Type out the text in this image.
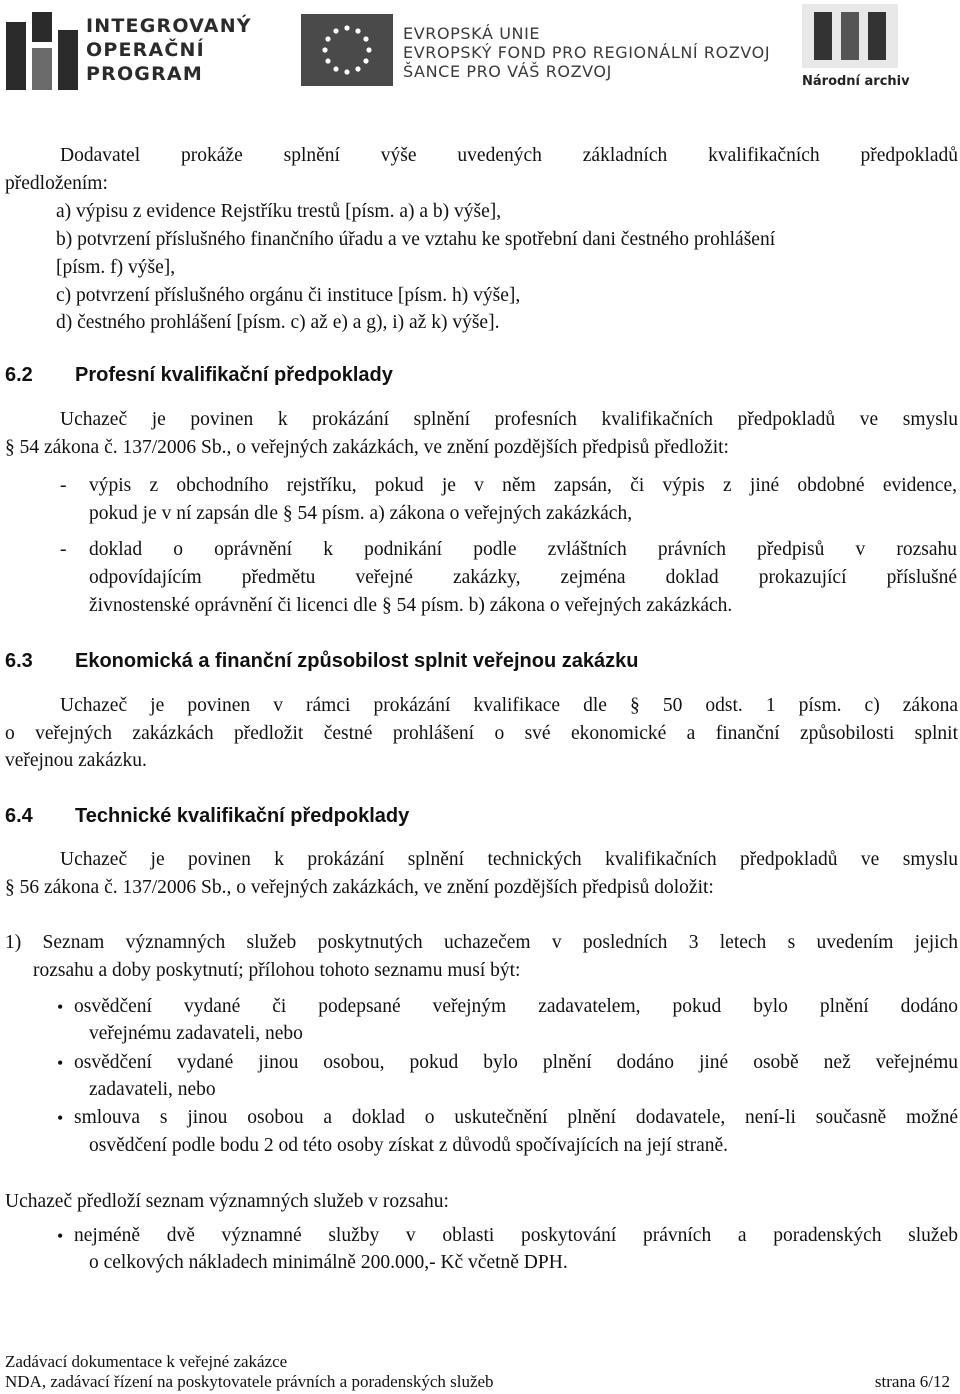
INTEGROVANÝ
OPERAČNÍ
PROGRAM
EVROPSKÁ UNIE
EVROPSKÝ FOND PRO REGIONÁLNÍ ROZVOJ
ŠANCE PRO VÁŠ ROZVOJ
Národní archiv
Dodavatel prokáže splnění výše uvedených základních kvalifikačních předpokladů
předložením:
a) výpisu z evidence Rejstříku trestů [písm. a) a b) výše],
b) potvrzení příslušného finančního úřadu a ve vztahu ke spotřební dani čestného prohlášení
[písm. f) výše],
c) potvrzení příslušného orgánu či instituce [písm. h) výše],
d) čestného prohlášení [písm. c) až e) a g), i) až k) výše].
6.2 Profesní kvalifikační předpoklady
Uchazeč je povinen k prokázání splnění profesních kvalifikačních předpokladů ve smyslu
§ 54 zákona č. 137/2006 Sb., o veřejných zakázkách, ve znění pozdějších předpisů předložit:
- výpis z obchodního rejstříku, pokud je v něm zapsán, či výpis z jiné obdobné evidence,
pokud je v ní zapsán dle § 54 písm. a) zákona o veřejných zakázkách,
- doklad o oprávnění k podnikání podle zvláštních právních předpisů v rozsahu
odpovídajícím předmětu veřejné zakázky, zejména doklad prokazující příslušné
živnostenské oprávnění či licenci dle § 54 písm. b) zákona o veřejných zakázkách.
6.3 Ekonomická a finanční způsobilost splnit veřejnou zakázku
Uchazeč je povinen v rámci prokázání kvalifikace dle § 50 odst. 1 písm. c) zákona
o veřejných zakázkách předložit čestné prohlášení o své ekonomické a finanční způsobilosti splnit
veřejnou zakázku.
6.4 Technické kvalifikační předpoklady
Uchazeč je povinen k prokázání splnění technických kvalifikačních předpokladů ve smyslu
§ 56 zákona č. 137/2006 Sb., o veřejných zakázkách, ve znění pozdějších předpisů doložit:
1) Seznam významných služeb poskytnutých uchazečem v posledních 3 letech s uvedením jejich
rozsahu a doby poskytnutí; přílohou tohoto seznamu musí být:
• osvědčení vydané či podepsané veřejným zadavatelem, pokud bylo plnění dodáno
veřejnému zadavateli, nebo
• osvědčení vydané jinou osobou, pokud bylo plnění dodáno jiné osobě než veřejnému
zadavateli, nebo
• smlouva s jinou osobou a doklad o uskutečnění plnění dodavatele, není-li současně možné
osvědčení podle bodu 2 od této osoby získat z důvodů spočívajících na její straně.
Uchazeč předloží seznam významných služeb v rozsahu:
• nejméně dvě významné služby v oblasti poskytování právních a poradenských služeb
o celkových nákladech minimálně 200.000,- Kč včetně DPH.
Zadávací dokumentace k veřejné zakázce
NDA, zadávací řízení na poskytovatele právních a poradenských služeb	strana 6/12
